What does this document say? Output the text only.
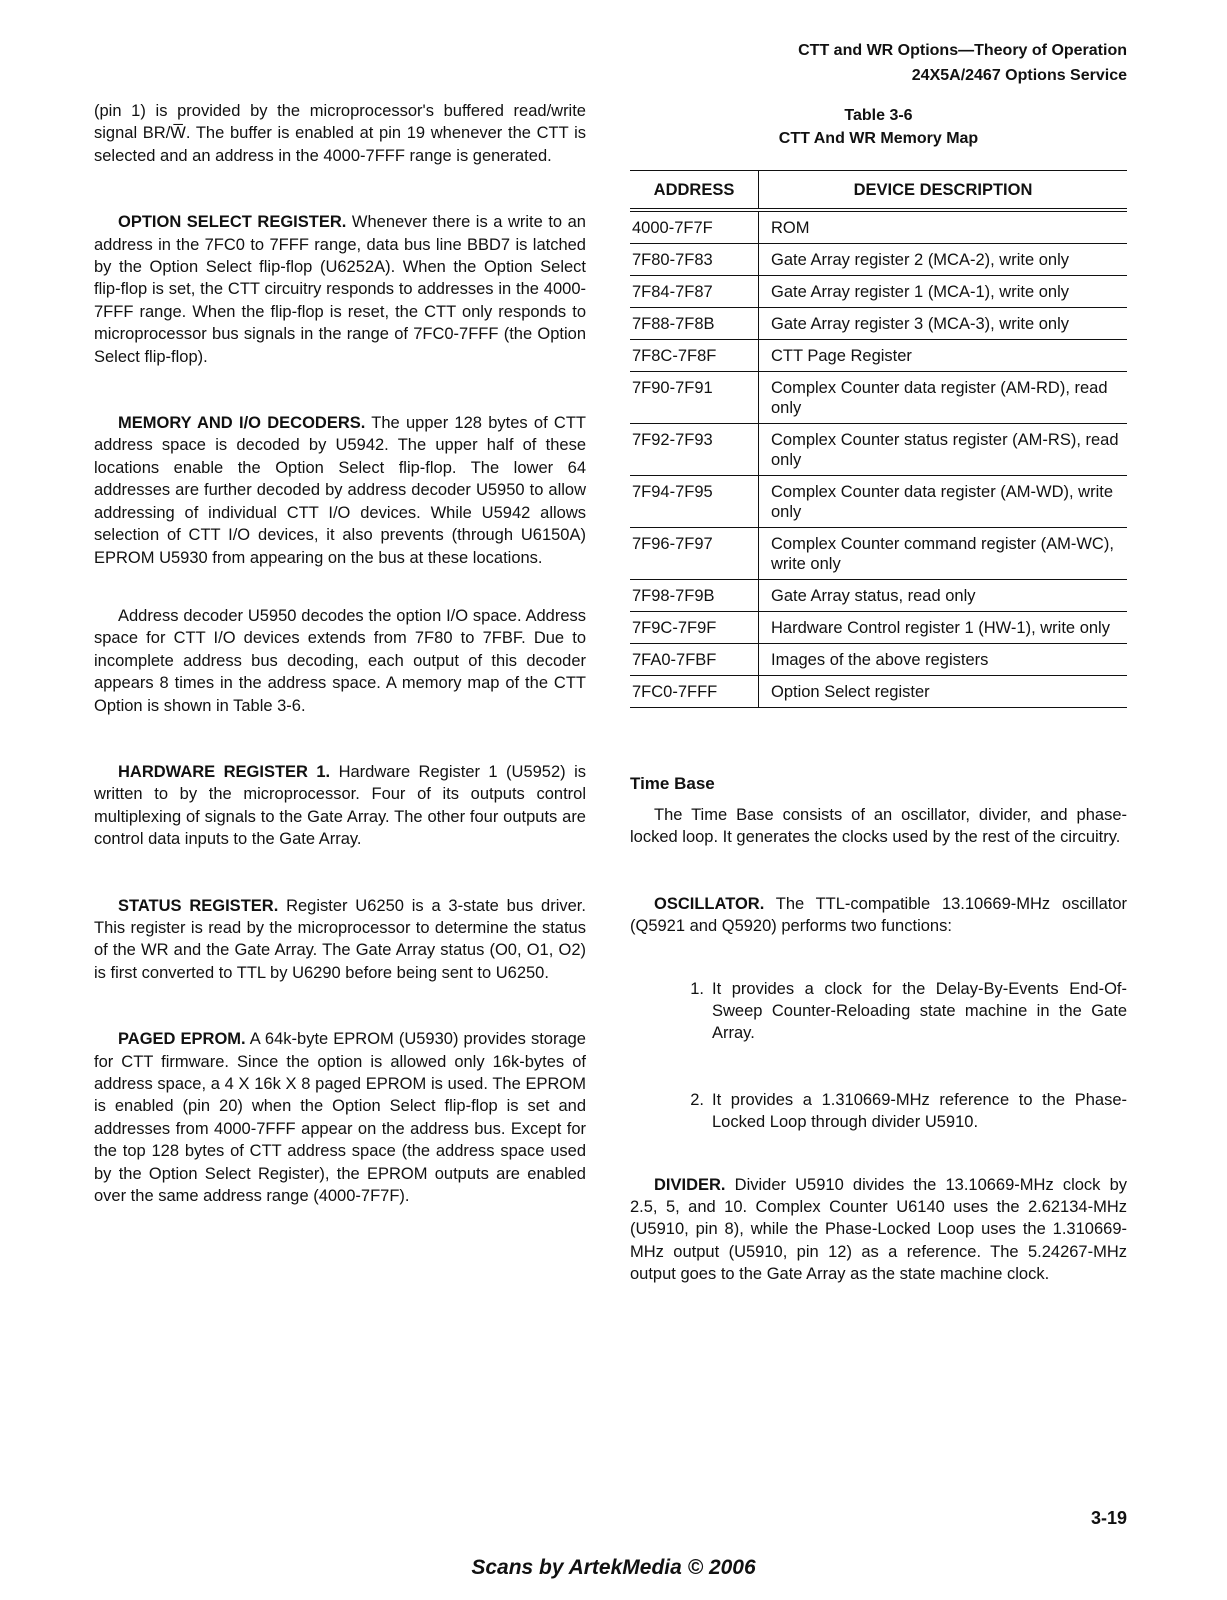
CTT and WR Options—Theory of Operation
24X5A/2467 Options Service

(pin 1) is provided by the microprocessor's buffered read/write signal BR/W̅. The buffer is enabled at pin 19 whenever the CTT is selected and an address in the 4000-7FFF range is generated.

OPTION SELECT REGISTER. Whenever there is a write to an address in the 7FC0 to 7FFF range, data bus line BBD7 is latched by the Option Select flip-flop (U6252A). When the Option Select flip-flop is set, the CTT circuitry responds to addresses in the 4000-7FFF range. When the flip-flop is reset, the CTT only responds to microprocessor bus signals in the range of 7FC0-7FFF (the Option Select flip-flop).

MEMORY AND I/O DECODERS. The upper 128 bytes of CTT address space is decoded by U5942. The upper half of these locations enable the Option Select flip-flop. The lower 64 addresses are further decoded by address decoder U5950 to allow addressing of individual CTT I/O devices. While U5942 allows selection of CTT I/O devices, it also prevents (through U6150A) EPROM U5930 from appearing on the bus at these locations.

Address decoder U5950 decodes the option I/O space. Address space for CTT I/O devices extends from 7F80 to 7FBF. Due to incomplete address bus decoding, each output of this decoder appears 8 times in the address space. A memory map of the CTT Option is shown in Table 3-6.

HARDWARE REGISTER 1. Hardware Register 1 (U5952) is written to by the microprocessor. Four of its outputs control multiplexing of signals to the Gate Array. The other four outputs are control data inputs to the Gate Array.

STATUS REGISTER. Register U6250 is a 3-state bus driver. This register is read by the microprocessor to determine the status of the WR and the Gate Array. The Gate Array status (O0, O1, O2) is first converted to TTL by U6290 before being sent to U6250.

PAGED EPROM. A 64k-byte EPROM (U5930) provides storage for CTT firmware. Since the option is allowed only 16k-bytes of address space, a 4 X 16k X 8 paged EPROM is used. The EPROM is enabled (pin 20) when the Option Select flip-flop is set and addresses from 4000-7FFF appear on the address bus. Except for the top 128 bytes of CTT address space (the address space used by the Option Select Register), the EPROM outputs are enabled over the same address range (4000-7F7F).

Table 3-6
CTT And WR Memory Map
ADDRESS	DEVICE DESCRIPTION
4000-7F7F	ROM
7F80-7F83	Gate Array register 2 (MCA-2), write only
7F84-7F87	Gate Array register 1 (MCA-1), write only
7F88-7F8B	Gate Array register 3 (MCA-3), write only
7F8C-7F8F	CTT Page Register
7F90-7F91	Complex Counter data register (AM-RD), read only
7F92-7F93	Complex Counter status register (AM-RS), read only
7F94-7F95	Complex Counter data register (AM-WD), write only
7F96-7F97	Complex Counter command register (AM-WC), write only
7F98-7F9B	Gate Array status, read only
7F9C-7F9F	Hardware Control register 1 (HW-1), write only
7FA0-7FBF	Images of the above registers
7FC0-7FFF	Option Select register
Time Base

The Time Base consists of an oscillator, divider, and phase-locked loop. It generates the clocks used by the rest of the circuitry.

OSCILLATOR. The TTL-compatible 13.10669-MHz oscillator (Q5921 and Q5920) performs two functions:

1. It provides a clock for the Delay-By-Events End-Of-Sweep Counter-Reloading state machine in the Gate Array.
2. It provides a 1.310669-MHz reference to the Phase-Locked Loop through divider U5910.

DIVIDER. Divider U5910 divides the 13.10669-MHz clock by 2.5, 5, and 10. Complex Counter U6140 uses the 2.62134-MHz (U5910, pin 8), while the Phase-Locked Loop uses the 1.310669-MHz output (U5910, pin 12) as a reference. The 5.24267-MHz output goes to the Gate Array as the state machine clock.

3-19
Scans by ArtekMedia © 2006
